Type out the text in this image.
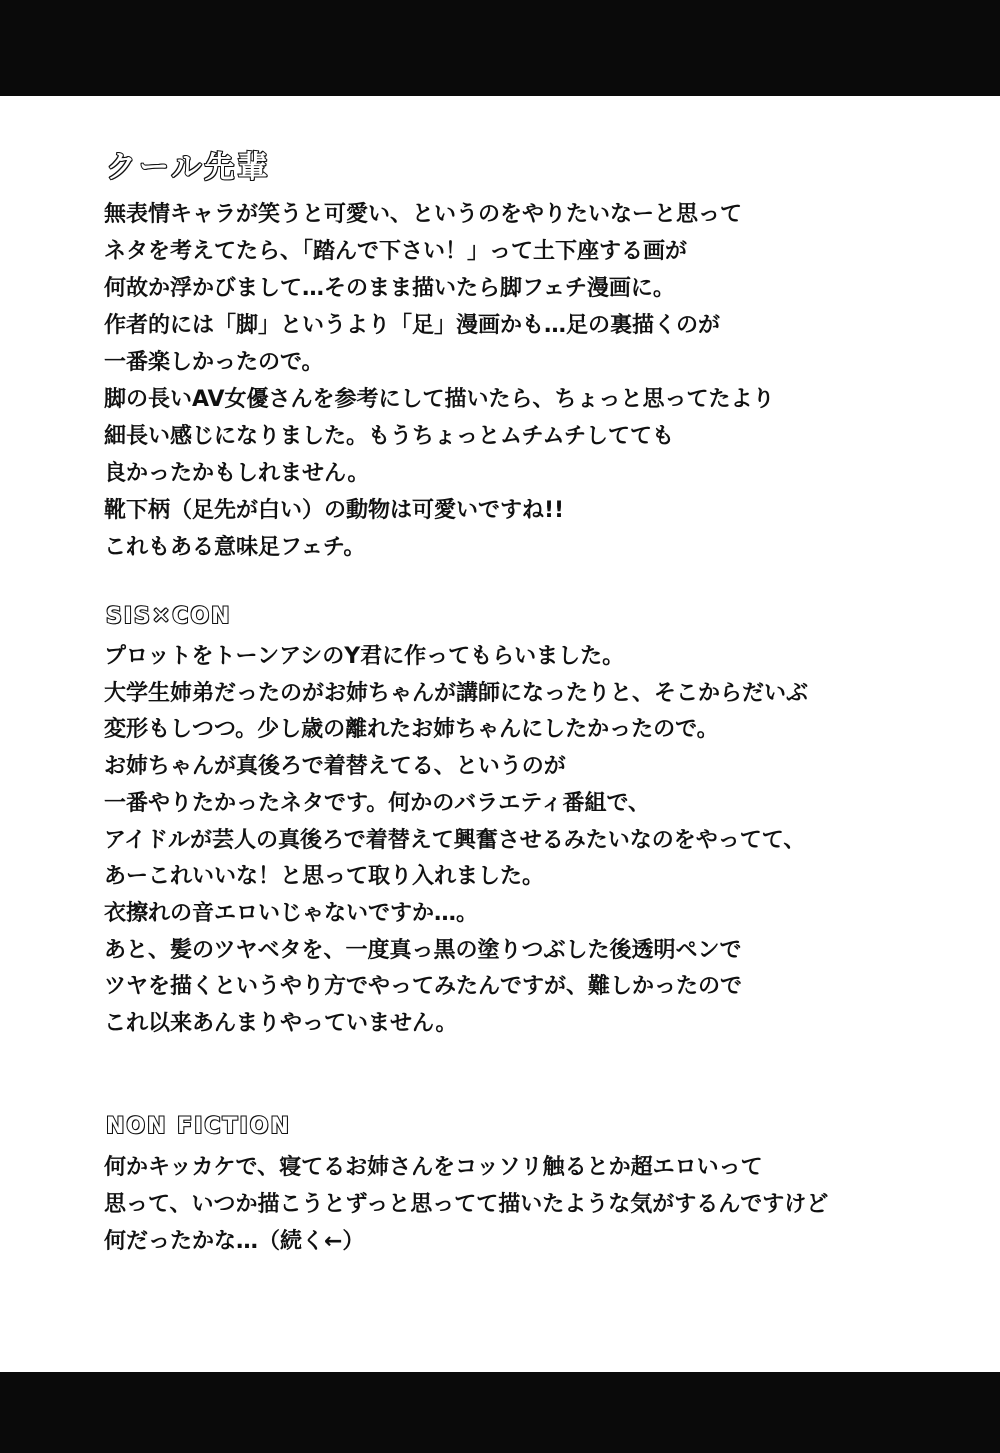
クール先輩
無表情キャラが笑うと可愛い、というのをやりたいなーと思って
ネタを考えてたら、「踏んで下さい！」って土下座する画が
何故か浮かびまして…そのまま描いたら脚フェチ漫画に。
作者的には「脚」というより「足」漫画かも…足の裏描くのが
一番楽しかったので。
脚の長いAV女優さんを参考にして描いたら、ちょっと思ってたより
細長い感じになりました。もうちょっとムチムチしてても
良かったかもしれません。
靴下柄（足先が白い）の動物は可愛いですね!!
これもある意味足フェチ。
SIS✕CON
プロットをトーンアシのY君に作ってもらいました。
大学生姉弟だったのがお姉ちゃんが講師になったりと、そこからだいぶ
変形もしつつ。少し歳の離れたお姉ちゃんにしたかったので。
お姉ちゃんが真後ろで着替えてる、というのが
一番やりたかったネタです。何かのバラエティ番組で、
アイドルが芸人の真後ろで着替えて興奮させるみたいなのをやってて、
あーこれいいな！と思って取り入れました。
衣擦れの音エロいじゃないですか…。
あと、髪のツヤベタを、一度真っ黒の塗りつぶした後透明ペンで
ツヤを描くというやり方でやってみたんですが、難しかったので
これ以来あんまりやっていません。
NON FICTION
何かキッカケで、寝てるお姉さんをコッソリ触るとか超エロいって
思って、いつか描こうとずっと思ってて描いたような気がするんですけど
何だったかな…（続く←）
